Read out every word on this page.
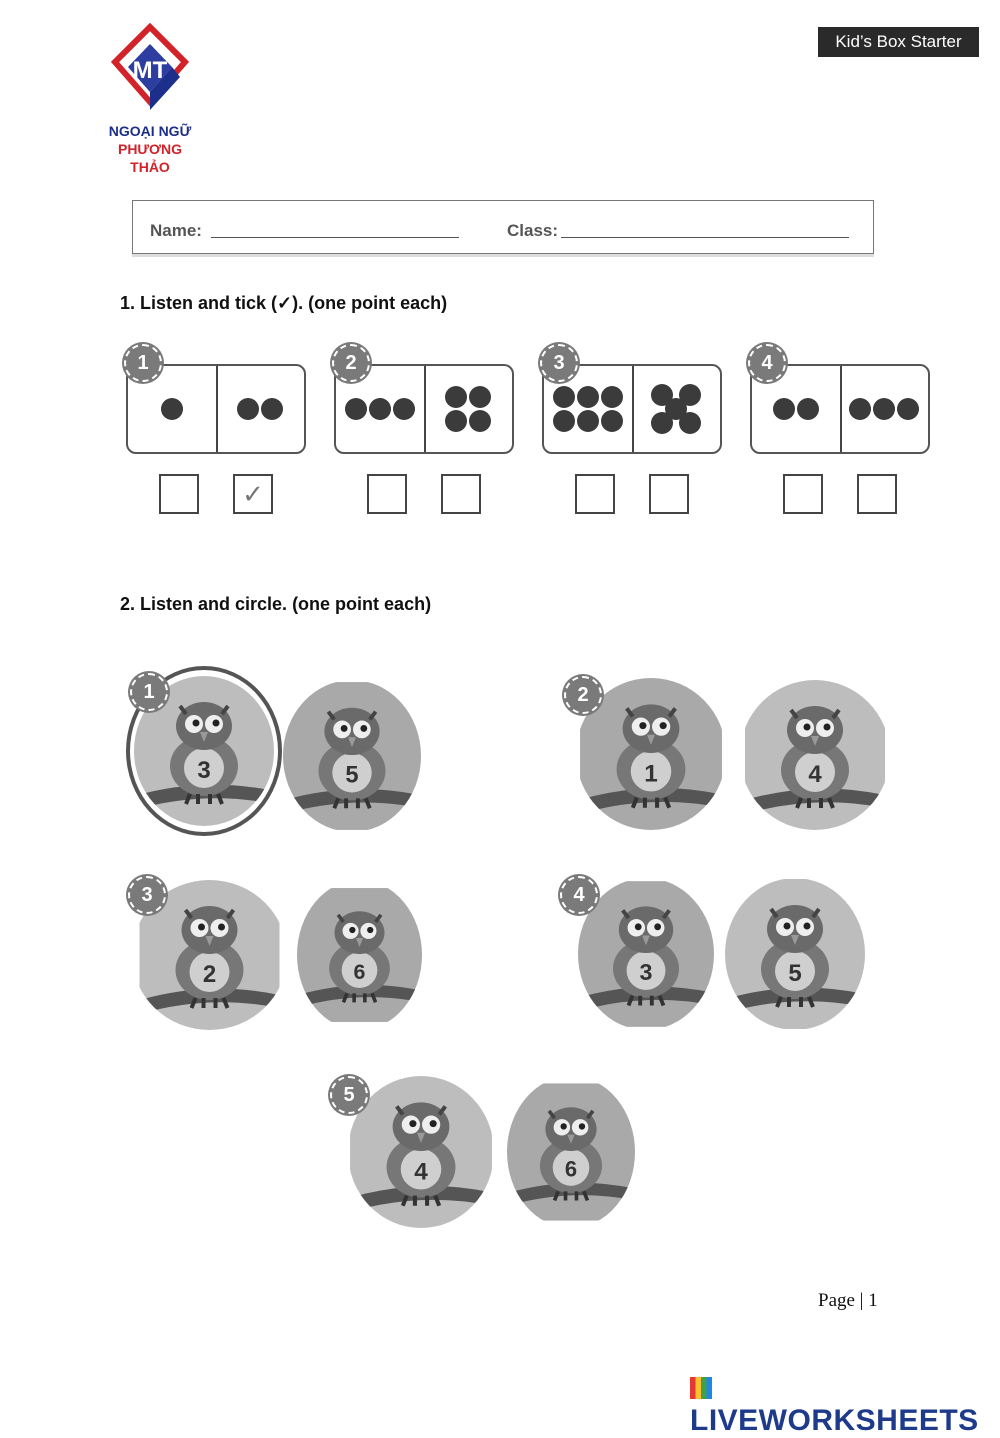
MT
NGOẠI NGỮ
PHƯƠNG THẢO
Kid’s Box Starter
Name:	Class:
1. Listen and tick (✓). (one point each)
1
✓
2	3	4
2. Listen and circle. (one point each)
3	5
1
1	4
2
2	6
3
3	5
4
4	6
5
Page | 1
LIVEWORKSHEETS
